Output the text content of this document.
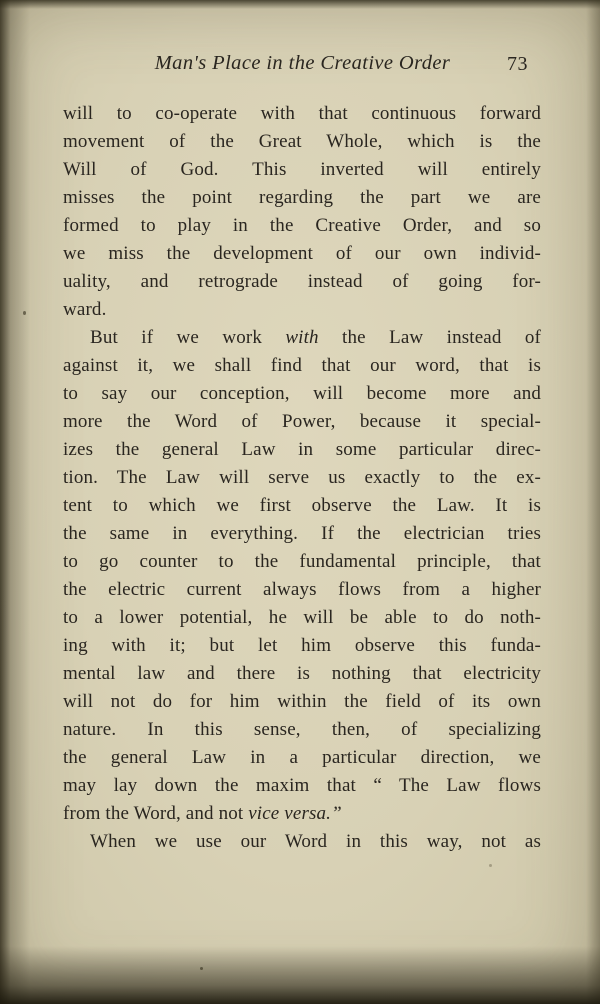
Man's Place in the Creative Order	73
will to co-operate with that continuous forward
movement of the Great Whole, which is the
Will of God. This inverted will entirely
misses the point regarding the part we are
formed to play in the Creative Order, and so
we miss the development of our own individ-
uality, and retrograde instead of going for-
ward.
But if we work with the Law instead of
against it, we shall find that our word, that is
to say our conception, will become more and
more the Word of Power, because it special-
izes the general Law in some particular direc-
tion. The Law will serve us exactly to the ex-
tent to which we first observe the Law. It is
the same in everything. If the electrician tries
to go counter to the fundamental principle, that
the electric current always flows from a higher
to a lower potential, he will be able to do noth-
ing with it; but let him observe this funda-
mental law and there is nothing that electricity
will not do for him within the field of its own
nature. In this sense, then, of specializing
the general Law in a particular direction, we
may lay down the maxim that “ The Law flows
from the Word, and not vice versa.”
When we use our Word in this way, not as
